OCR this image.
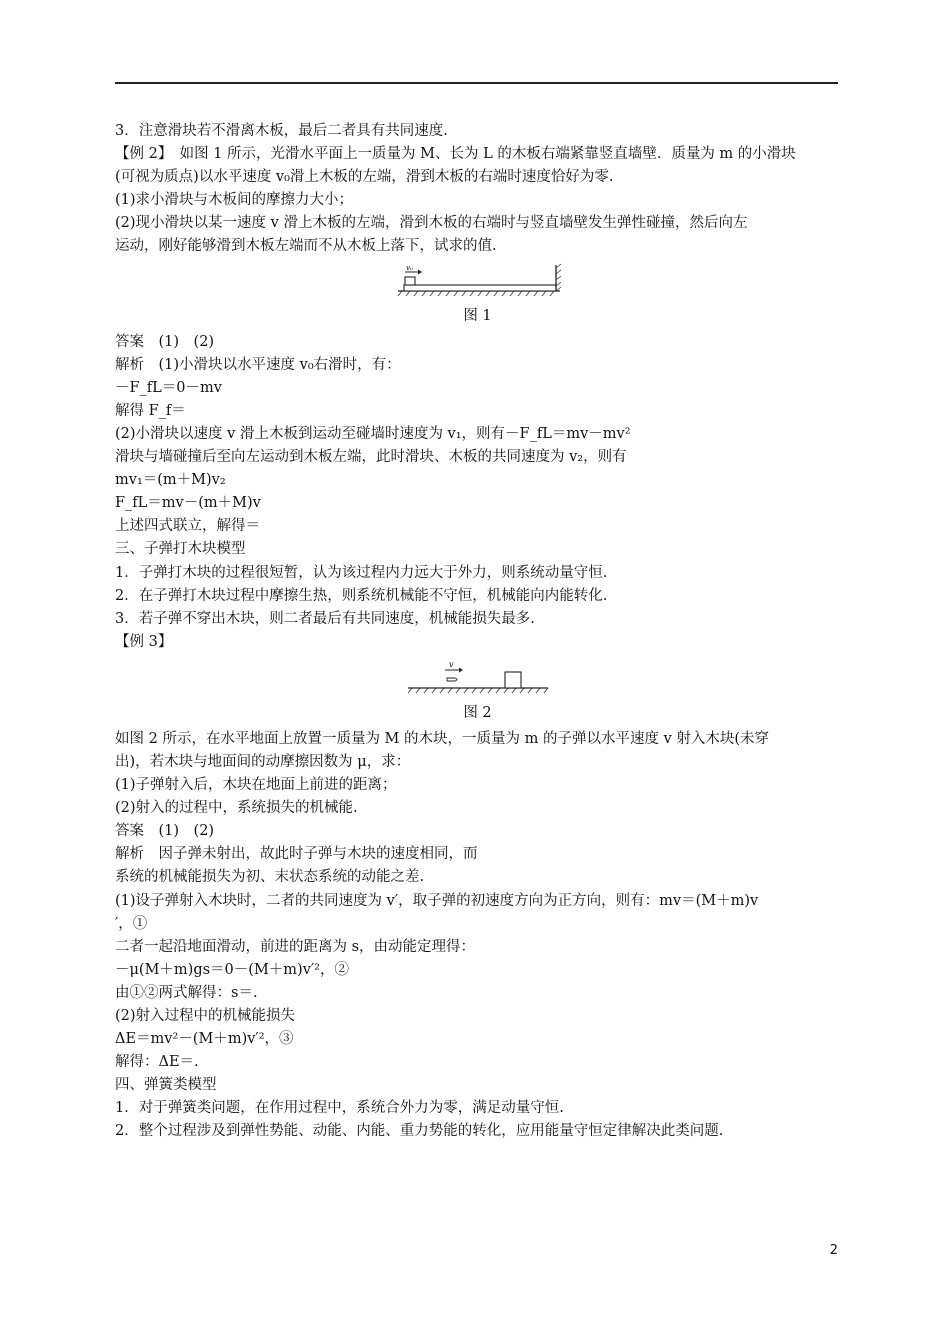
3．注意滑块若不滑离木板，最后二者具有共同速度.
【例 2】　如图 1 所示，光滑水平面上一质量为 M、长为 L 的木板右端紧靠竖直墙壁．质量为 m 的小滑块
(可视为质点)以水平速度 v₀滑上木板的左端，滑到木板的右端时速度恰好为零.
(1)求小滑块与木板间的摩擦力大小；
(2)现小滑块以某一速度 v 滑上木板的左端，滑到木板的右端时与竖直墙壁发生弹性碰撞，然后向左
运动，刚好能够滑到木板左端而不从木板上落下，试求的值.
v₀
图 1
答案　(1)　(2)
解析　(1)小滑块以水平速度 v₀右滑时，有：
－F_fL＝0－mv
解得 F_f＝
(2)小滑块以速度 v 滑上木板到运动至碰墙时速度为 v₁，则有－F_fL＝mv－mv²
滑块与墙碰撞后至向左运动到木板左端，此时滑块、木板的共同速度为 v₂，则有
mv₁＝(m＋M)v₂
F_fL＝mv－(m＋M)v
上述四式联立，解得＝
三、子弹打木块模型
1．子弹打木块的过程很短暂，认为该过程内力远大于外力，则系统动量守恒.
2．在子弹打木块过程中摩擦生热，则系统机械能不守恒，机械能向内能转化.
3．若子弹不穿出木块，则二者最后有共同速度，机械能损失最多.
【例 3】
v
图 2
如图 2 所示，在水平地面上放置一质量为 M 的木块，一质量为 m 的子弹以水平速度 v 射入木块(未穿
出)，若木块与地面间的动摩擦因数为 μ，求：
(1)子弹射入后，木块在地面上前进的距离；
(2)射入的过程中，系统损失的机械能.
答案　(1)　(2)
解析　因子弹未射出，故此时子弹与木块的速度相同，而
系统的机械能损失为初、末状态系统的动能之差.
(1)设子弹射入木块时，二者的共同速度为 v′，取子弹的初速度方向为正方向，则有：mv＝(M＋m)v
′，①
二者一起沿地面滑动，前进的距离为 s，由动能定理得：
－μ(M＋m)gs＝0－(M＋m)v′²，②
由①②两式解得：s＝.
(2)射入过程中的机械能损失
ΔE＝mv²－(M＋m)v′²，③
解得：ΔE＝.
四、弹簧类模型
1．对于弹簧类问题，在作用过程中，系统合外力为零，满足动量守恒.
2．整个过程涉及到弹性势能、动能、内能、重力势能的转化，应用能量守恒定律解决此类问题.
2
